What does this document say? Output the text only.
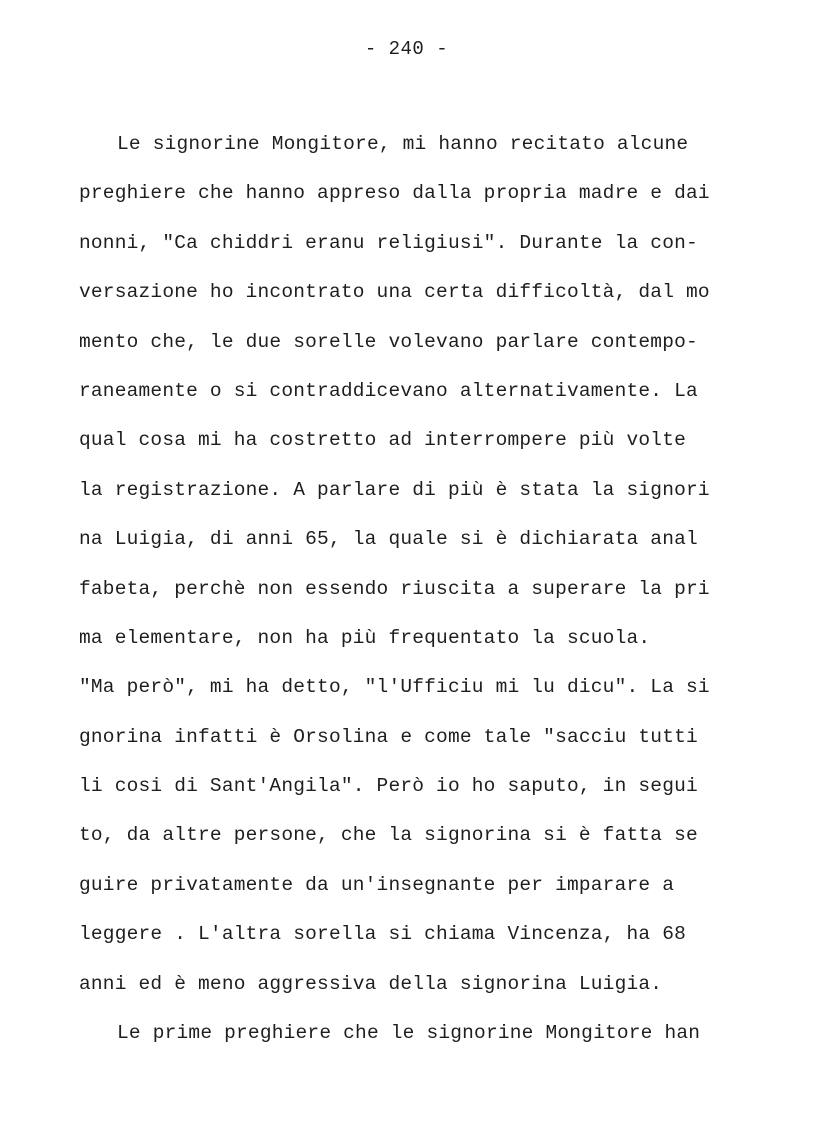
- 240 -
Le signorine Mongitore, mi hanno recitato alcune
preghiere che hanno appreso dalla propria madre e dai
nonni, "Ca chiddri eranu religiusi". Durante la con-
versazione ho incontrato una certa difficoltà, dal mo
mento che, le due sorelle volevano parlare contempo-
raneamente o si contraddicevano alternativamente. La
qual cosa mi ha costretto ad interrompere più volte
la registrazione. A parlare di più è stata la signori
na Luigia, di anni 65, la quale si è dichiarata anal
fabeta, perchè non essendo riuscita a superare la pri
ma elementare, non ha più frequentato la scuola.
"Ma però", mi ha detto, "l'Ufficiu mi lu dicu". La si
gnorina infatti è Orsolina e come tale "sacciu tutti
li cosi di Sant'Angila". Però io ho saputo, in segui
to, da altre persone, che la signorina si è fatta se
guire privatamente da un'insegnante per imparare a
leggere . L'altra sorella si chiama Vincenza, ha 68
anni ed è meno aggressiva della signorina Luigia.
Le prime preghiere che le signorine Mongitore han
